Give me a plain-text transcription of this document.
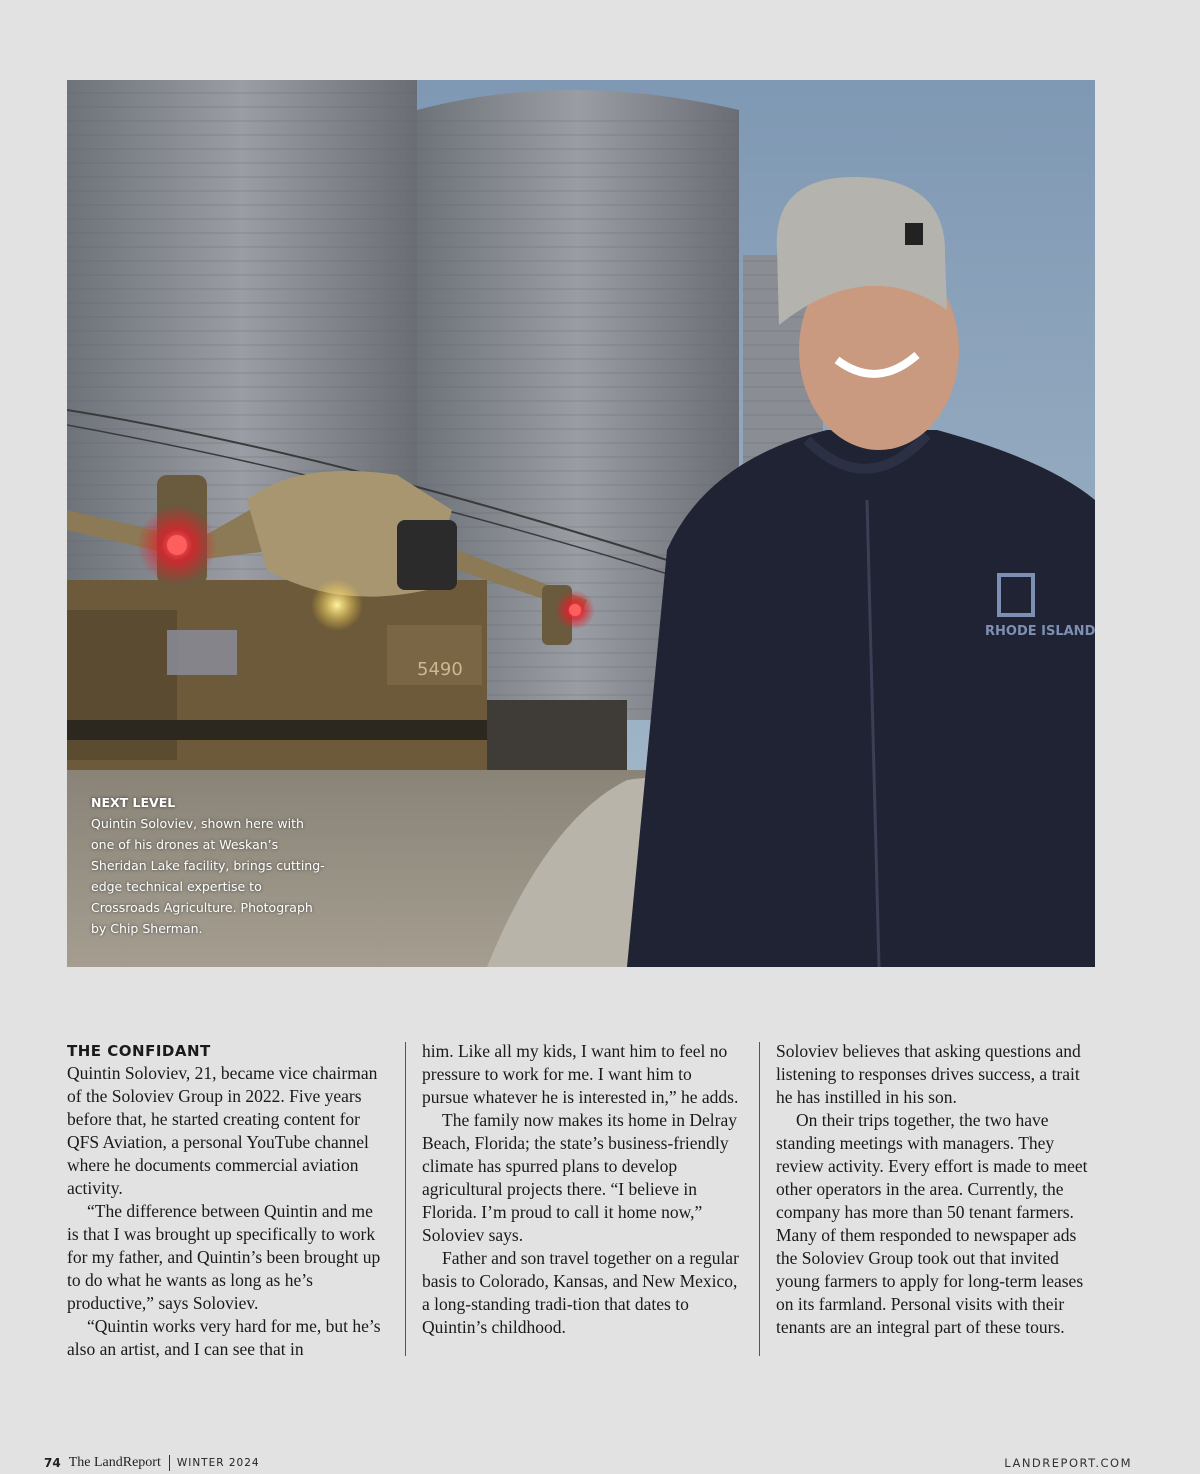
5490
RHODE ISLAND
NEXT LEVEL
Quintin Soloviev, shown here with one of his drones at Weskan’s Sheridan Lake facility, brings cutting-edge technical expertise to Crossroads Agriculture. Photograph by Chip Sherman.
THE CONFIDANT

Quintin Soloviev, 21, became vice chairman of the Soloviev Group in 2022. Five years before that, he started creating content for QFS Aviation, a personal YouTube channel where he documents commercial aviation activity.

“The difference between Quintin and me is that I was brought up specifically to work for my father, and Quintin’s been brought up to do what he wants as long as he’s productive,” says Soloviev.

“Quintin works very hard for me, but he’s also an artist, and I can see that in

him. Like all my kids, I want him to feel no pressure to work for me. I want him to pursue whatever he is interested in,” he adds.

The family now makes its home in Delray Beach, Florida; the state’s business-friendly climate has spurred plans to develop agricultural projects there. “I believe in Florida. I’m proud to call it home now,” Soloviev says.

Father and son travel together on a regular basis to Colorado, Kansas, and New Mexico, a long-standing tradi-tion that dates to Quintin’s childhood.

Soloviev believes that asking questions and listening to responses drives success, a trait he has instilled in his son.

On their trips together, the two have standing meetings with managers. They review activity. Every effort is made to meet other operators in the area. Currently, the company has more than 50 tenant farmers. Many of them responded to newspaper ads the Soloviev Group took out that invited young farmers to apply for long-term leases on its farmland. Personal visits with their tenants are an integral part of these tours.

74 The LandReport WINTER 2024	LANDREPORT.COM
